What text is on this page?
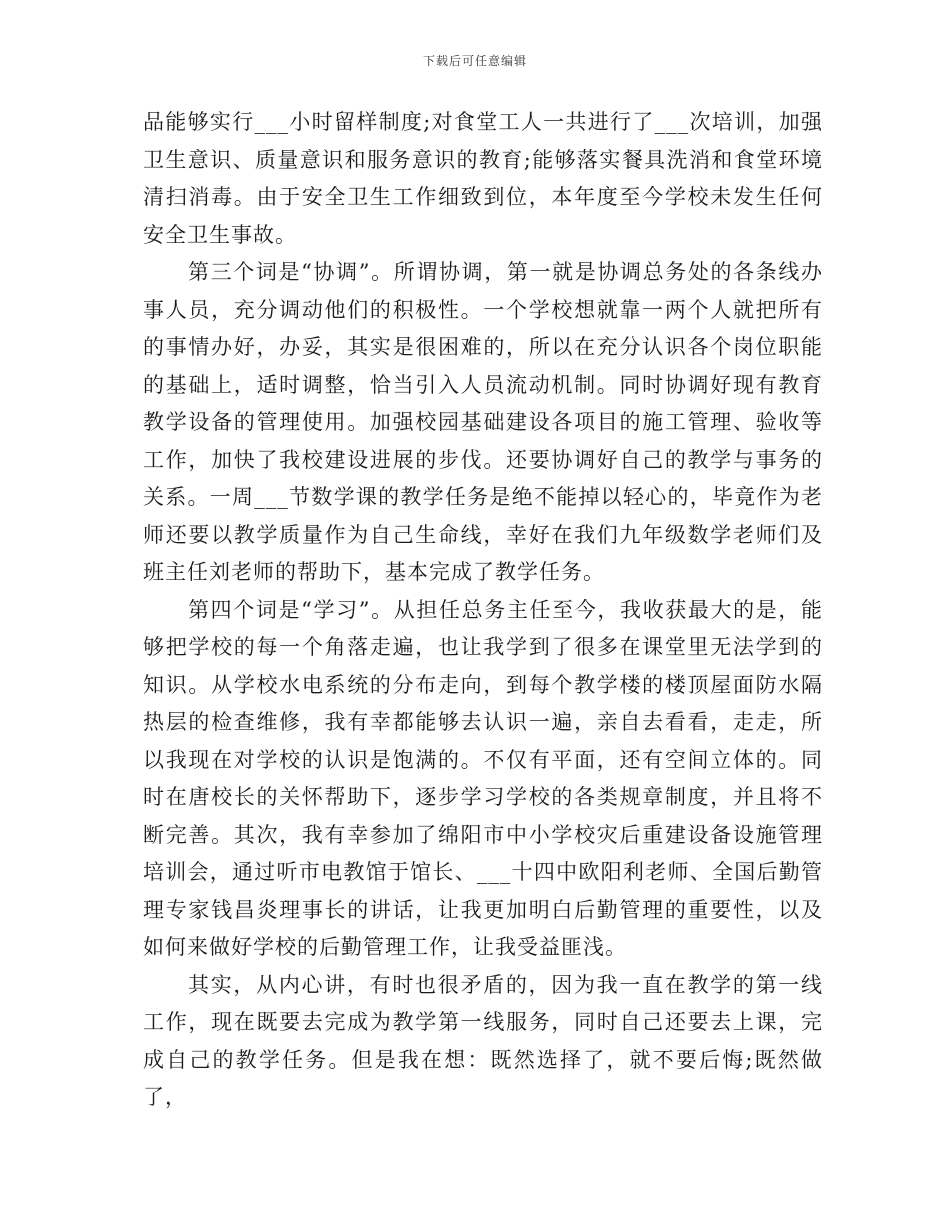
下载后可任意编辑

品能够实行___小时留样制度;对食堂工人一共进行了___次培训，加强卫生意识、质量意识和服务意识的教育;能够落实餐具洗消和食堂环境清扫消毒。由于安全卫生工作细致到位，本年度至今学校未发生任何安全卫生事故。

第三个词是“协调”。所谓协调，第一就是协调总务处的各条线办事人员，充分调动他们的积极性。一个学校想就靠一两个人就把所有的事情办好，办妥，其实是很困难的，所以在充分认识各个岗位职能的基础上，适时调整，恰当引入人员流动机制。同时协调好现有教育教学设备的管理使用。加强校园基础建设各项目的施工管理、验收等工作，加快了我校建设进展的步伐。还要协调好自己的教学与事务的关系。一周___节数学课的教学任务是绝不能掉以轻心的，毕竟作为老师还要以教学质量作为自己生命线，幸好在我们九年级数学老师们及班主任刘老师的帮助下，基本完成了教学任务。

第四个词是“学习”。从担任总务主任至今，我收获最大的是，能够把学校的每一个角落走遍，也让我学到了很多在课堂里无法学到的知识。从学校水电系统的分布走向，到每个教学楼的楼顶屋面防水隔热层的检查维修，我有幸都能够去认识一遍，亲自去看看，走走，所以我现在对学校的认识是饱满的。不仅有平面，还有空间立体的。同时在唐校长的关怀帮助下，逐步学习学校的各类规章制度，并且将不断完善。其次，我有幸参加了绵阳市中小学校灾后重建设备设施管理培训会，通过听市电教馆于馆长、___十四中欧阳利老师、全国后勤管理专家钱昌炎理事长的讲话，让我更加明白后勤管理的重要性，以及如何来做好学校的后勤管理工作，让我受益匪浅。

其实，从内心讲，有时也很矛盾的，因为我一直在教学的第一线工作，现在既要去完成为教学第一线服务，同时自己还要去上课，完成自己的教学任务。但是我在想：既然选择了，就不要后悔;既然做了，
